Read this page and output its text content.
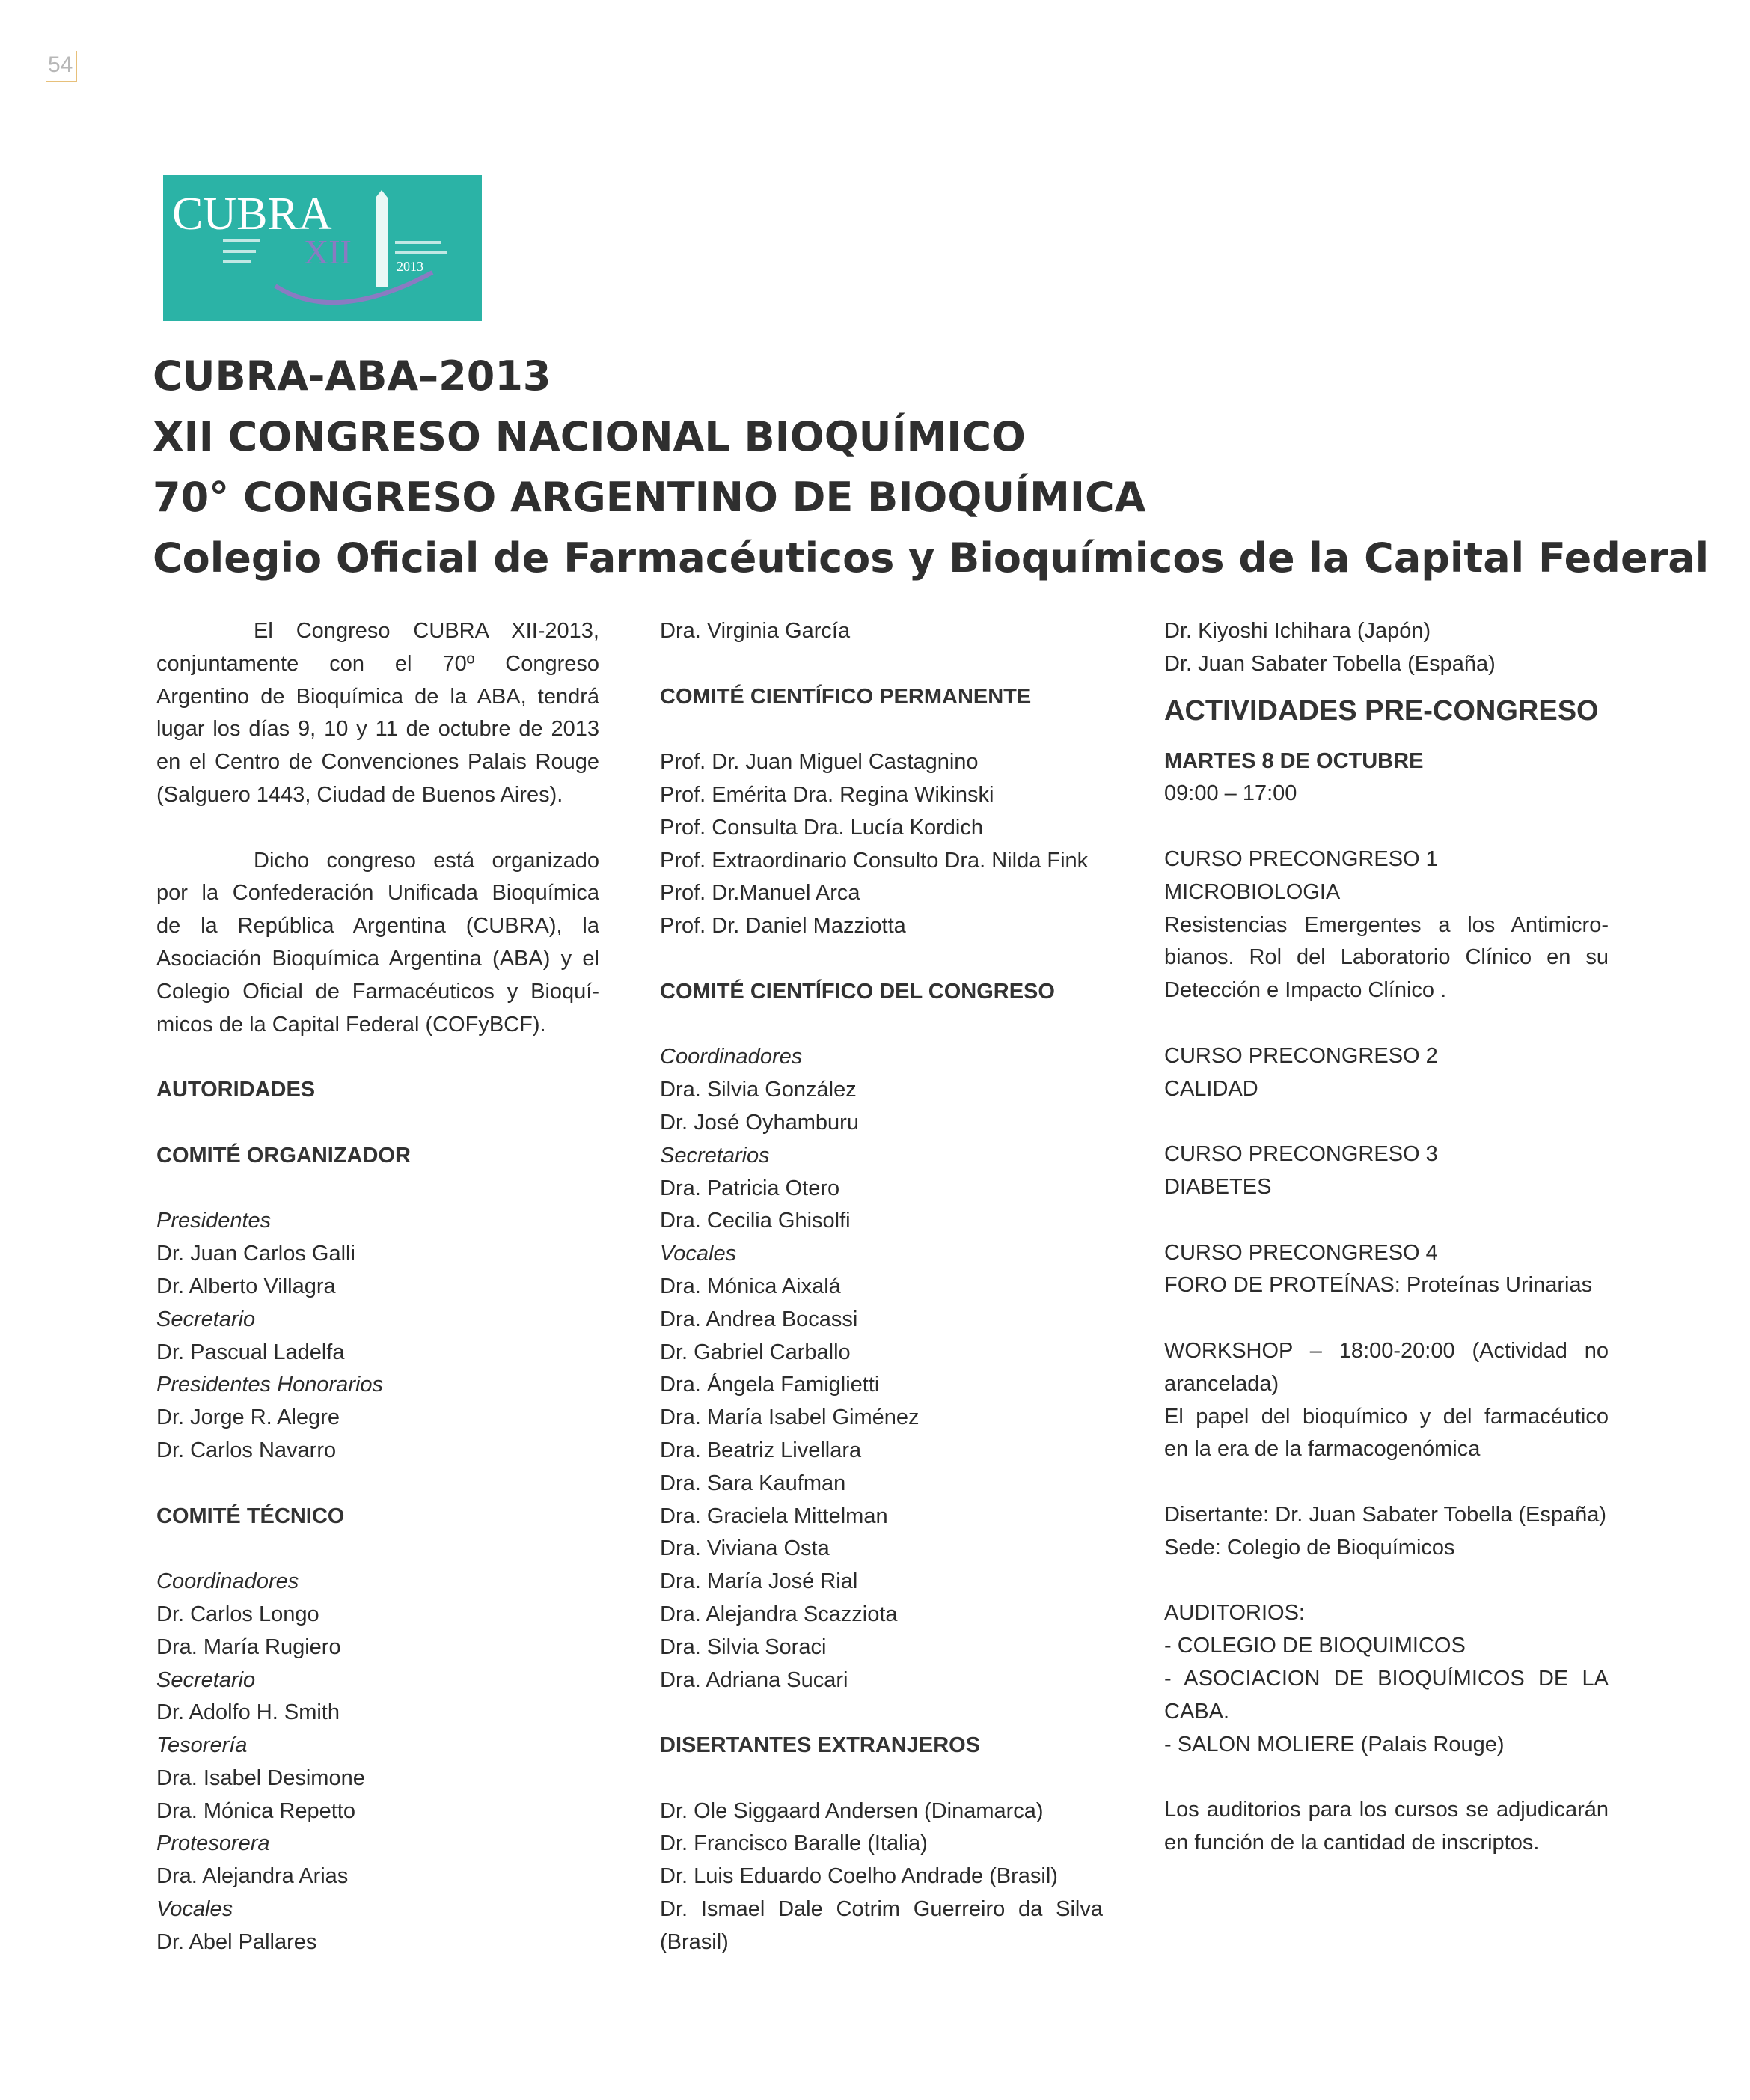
54
CUBRA
XII	2013
CUBRA-ABA–2013
XII CONGRESO NACIONAL BIOQUÍMICO
70° CONGRESO ARGENTINO DE BIOQUÍMICA
Colegio Oficial de Farmacéuticos y Bioquímicos de la Capital Federal
El Congreso CUBRA XII-2013,
conjuntamente con el 70º Congreso
Argentino de Bioquímica de la ABA, tendrá
lugar los días 9, 10 y 11 de octubre de 2013
en el Centro de Convenciones Palais Rouge
(Salguero 1443, Ciudad de Buenos Aires).
Dicho congreso está organizado
por la Confederación Unificada Bioquímica
de la República Argentina (CUBRA), la
Asociación Bioquímica Argentina (ABA) y el
Colegio Oficial de Farmacéuticos y Bioquí-
micos de la Capital Federal (COFyBCF).
AUTORIDADES
COMITÉ ORGANIZADOR
Presidentes
Dr. Juan Carlos Galli
Dr. Alberto Villagra
Secretario
Dr. Pascual Ladelfa
Presidentes Honorarios
Dr. Jorge R. Alegre
Dr. Carlos Navarro
COMITÉ TÉCNICO
Coordinadores
Dr. Carlos Longo
Dra. María Rugiero
Secretario
Dr. Adolfo H. Smith
Tesorería
Dra. Isabel Desimone
Dra. Mónica Repetto
Protesorera
Dra. Alejandra Arias
Vocales
Dr. Abel Pallares
Dra. Virginia García
COMITÉ CIENTÍFICO PERMANENTE
Prof. Dr. Juan Miguel Castagnino
Prof. Emérita Dra. Regina Wikinski
Prof. Consulta Dra. Lucía Kordich
Prof. Extraordinario Consulto Dra. Nilda Fink
Prof. Dr.Manuel Arca
Prof. Dr. Daniel Mazziotta
COMITÉ CIENTÍFICO DEL CONGRESO
Coordinadores
Dra. Silvia González
Dr. José Oyhamburu
Secretarios
Dra. Patricia Otero
Dra. Cecilia Ghisolfi
Vocales
Dra. Mónica Aixalá
Dra. Andrea Bocassi
Dr. Gabriel Carballo
Dra. Ángela Famiglietti
Dra. María Isabel Giménez
Dra. Beatriz Livellara
Dra. Sara Kaufman
Dra. Graciela Mittelman
Dra. Viviana Osta
Dra. María José Rial
Dra. Alejandra Scazziota
Dra. Silvia Soraci
Dra. Adriana Sucari
DISERTANTES EXTRANJEROS
Dr. Ole Siggaard Andersen (Dinamarca)
Dr. Francisco Baralle (Italia)
Dr. Luis Eduardo Coelho Andrade (Brasil)
Dr. Ismael Dale Cotrim Guerreiro da Silva
(Brasil)
Dr. Kiyoshi Ichihara (Japón)
Dr. Juan Sabater Tobella (España)
ACTIVIDADES PRE-CONGRESO
MARTES 8 DE OCTUBRE
09:00 – 17:00
CURSO PRECONGRESO 1
MICROBIOLOGIA
Resistencias Emergentes a los Antimicro-
bianos. Rol del Laboratorio Clínico en su
Detección e Impacto Clínico .
CURSO PRECONGRESO 2
CALIDAD
CURSO PRECONGRESO 3
DIABETES
CURSO PRECONGRESO 4
FORO DE PROTEÍNAS: Proteínas Urinarias
WORKSHOP – 18:00-20:00 (Actividad no
arancelada)
El papel del bioquímico y del farmacéutico
en la era de la farmacogenómica
Disertante: Dr. Juan Sabater Tobella (España)
Sede: Colegio de Bioquímicos
AUDITORIOS:
- COLEGIO DE BIOQUIMICOS
- ASOCIACION DE BIOQUÍMICOS DE LA
CABA.
- SALON MOLIERE (Palais Rouge)
Los auditorios para los cursos se adjudicarán
en función de la cantidad de inscriptos.
